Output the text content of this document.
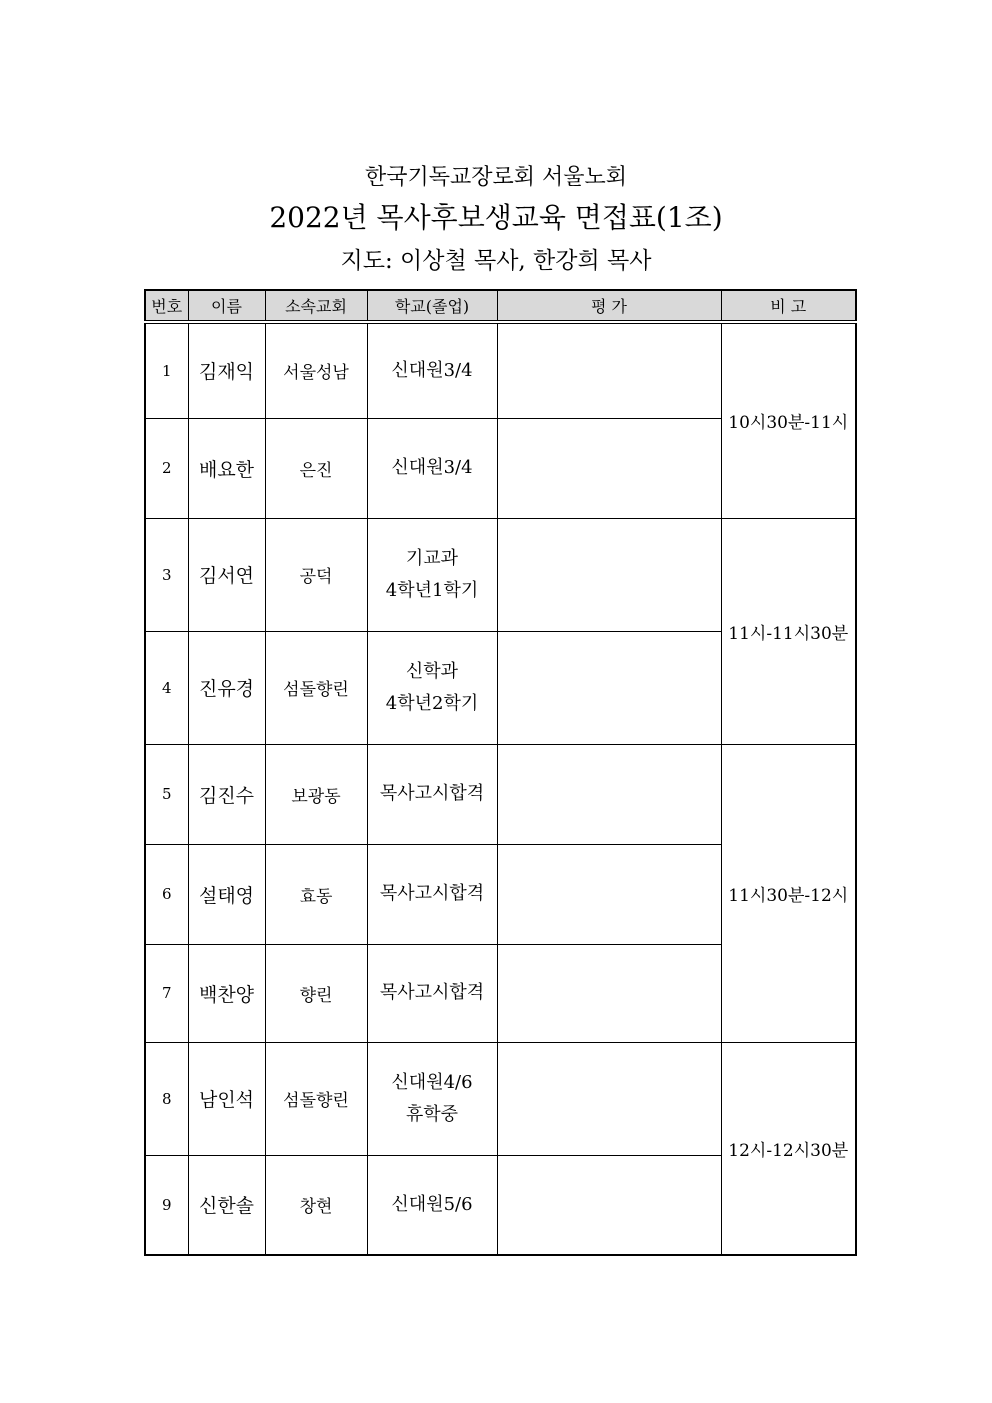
한국기독교장로회 서울노회
2022년 목사후보생교육 면접표(1조)
지도: 이상철 목사, 한강희 목사
번호	이름	소속교회	학교(졸업)	평 가	비 고
1	김재익	서울성남	신대원3/4		10시30분-11시
2	배요한	은진	신대원3/4		

3	김서연	공덕	기교과
4학년1학기		11시-11시30분
4	진유경	섬돌향린	신학과
4학년2학기		

5	김진수	보광동	목사고시합격		11시30분-12시
6	설태영	효동	목사고시합격		

7	백찬양	향린	목사고시합격		

8	남인석	섬돌향린	신대원4/6
휴학중		12시-12시30분
9	신한솔	창현	신대원5/6		
